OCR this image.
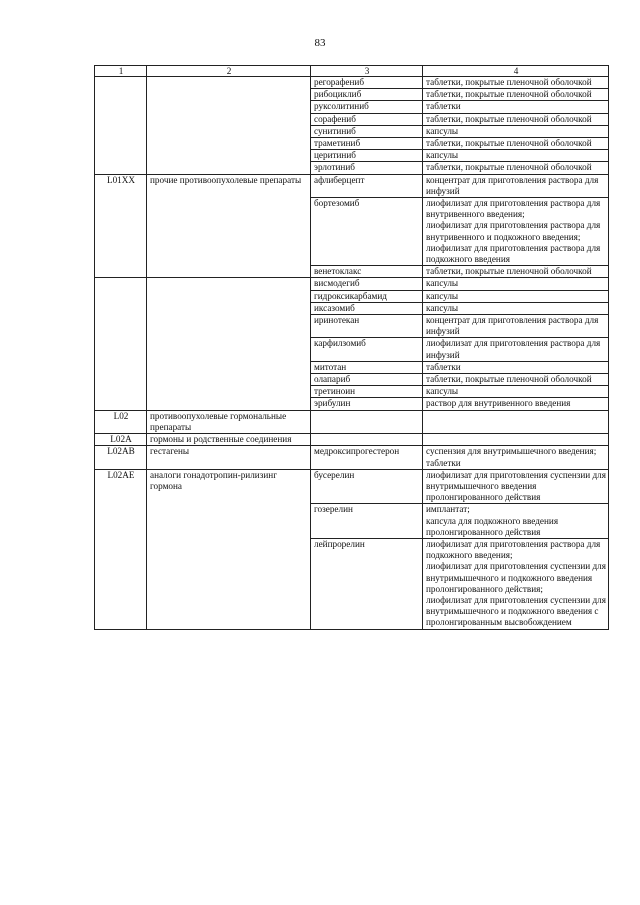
83
1	2	3	4
		регорафениб	таблетки, покрытые пленочной оболочкой
		рибоциклиб	таблетки, покрытые пленочной оболочкой
		руксолитиниб	таблетки
		сорафениб	таблетки, покрытые пленочной оболочкой
		сунитиниб	капсулы
		траметиниб	таблетки, покрытые пленочной оболочкой
		церитиниб	капсулы
		эрлотиниб	таблетки, покрытые пленочной оболочкой
L01XX	прочие противоопухолевые препараты	афлиберцепт	концентрат для приготовления раствора для инфузий
		бортезомиб	лиофилизат для приготовления раствора для внутривенного введения;
лиофилизат для приготовления раствора для внутривенного и подкожного введения;
лиофилизат для приготовления раствора для подкожного введения
		венетоклакс	таблетки, покрытые пленочной оболочкой
		висмодегиб	капсулы
		гидроксикарбамид	капсулы
		иксазомиб	капсулы
		иринотекан	концентрат для приготовления раствора для инфузий
		карфилзомиб	лиофилизат для приготовления раствора для инфузий
		митотан	таблетки
		олапариб	таблетки, покрытые пленочной оболочкой
		третиноин	капсулы
		эрибулин	раствор для внутривенного введения
L02	противоопухолевые гормональные препараты		
L02A	гормоны и родственные соединения		
L02AB	гестагены	медроксипрогестерон	суспензия для внутримышечного введения;
таблетки
L02AE	аналоги гонадотропин-рилизинг гормона	бусерелин	лиофилизат для приготовления суспензии для внутримышечного введения пролонгированного действия
		гозерелин	имплантат;
капсула для подкожного введения пролонгированного действия
		лейпрорелин	лиофилизат для приготовления раствора для подкожного введения;
лиофилизат для приготовления суспензии для внутримышечного и подкожного введения пролонгированного действия;
лиофилизат для приготовления суспензии для внутримышечного и подкожного введения с пролонгированным высвобождением
